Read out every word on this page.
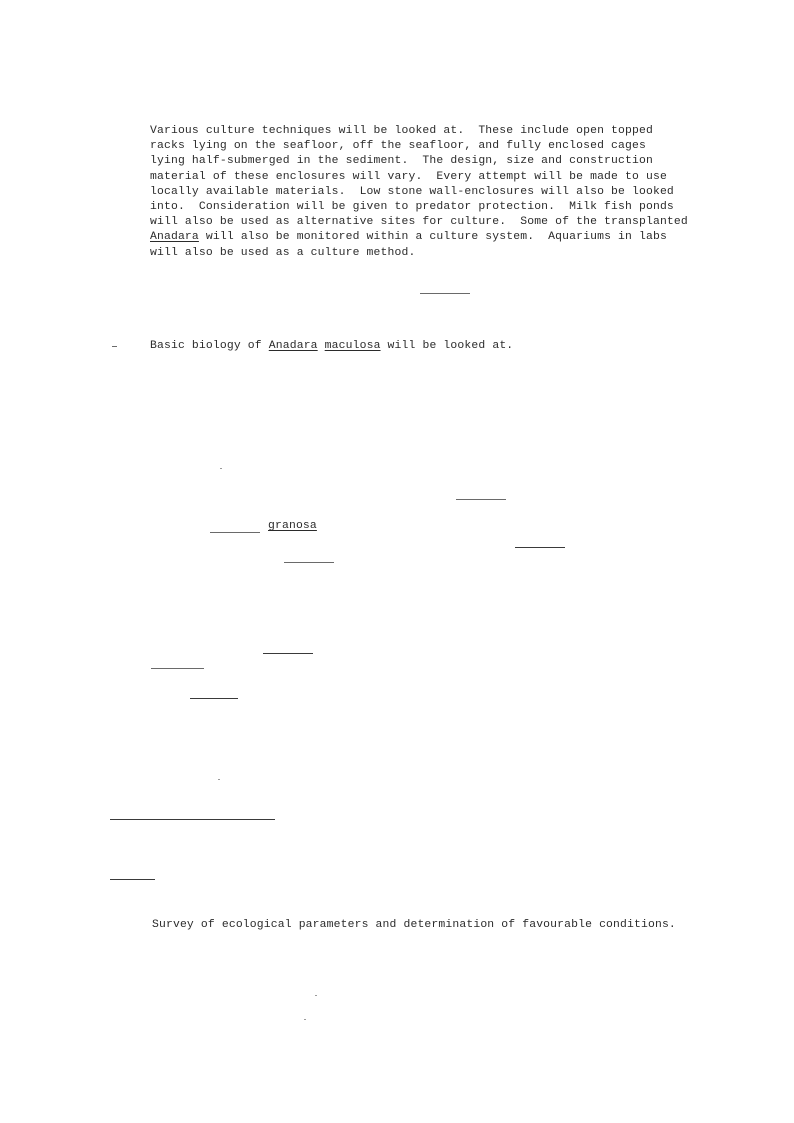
Various culture techniques will be looked at.  These include open topped
racks lying on the seafloor, off the seafloor, and fully enclosed cages
lying half-submerged in the sediment.  The design, size and construction
material of these enclosures will vary.  Every attempt will be made to use
locally available materials.  Low stone wall-enclosures will also be looked
into.  Consideration will be given to predator protection.  Milk fish ponds
will also be used as alternative sites for culture.  Some of the transplanted
Anadara will also be monitored within a culture system.  Aquariums in labs
will also be used as a culture method.
Basic biology of Anadara maculosa will be looked at.
granosa
Survey of ecological parameters and determination of favourable conditions.
